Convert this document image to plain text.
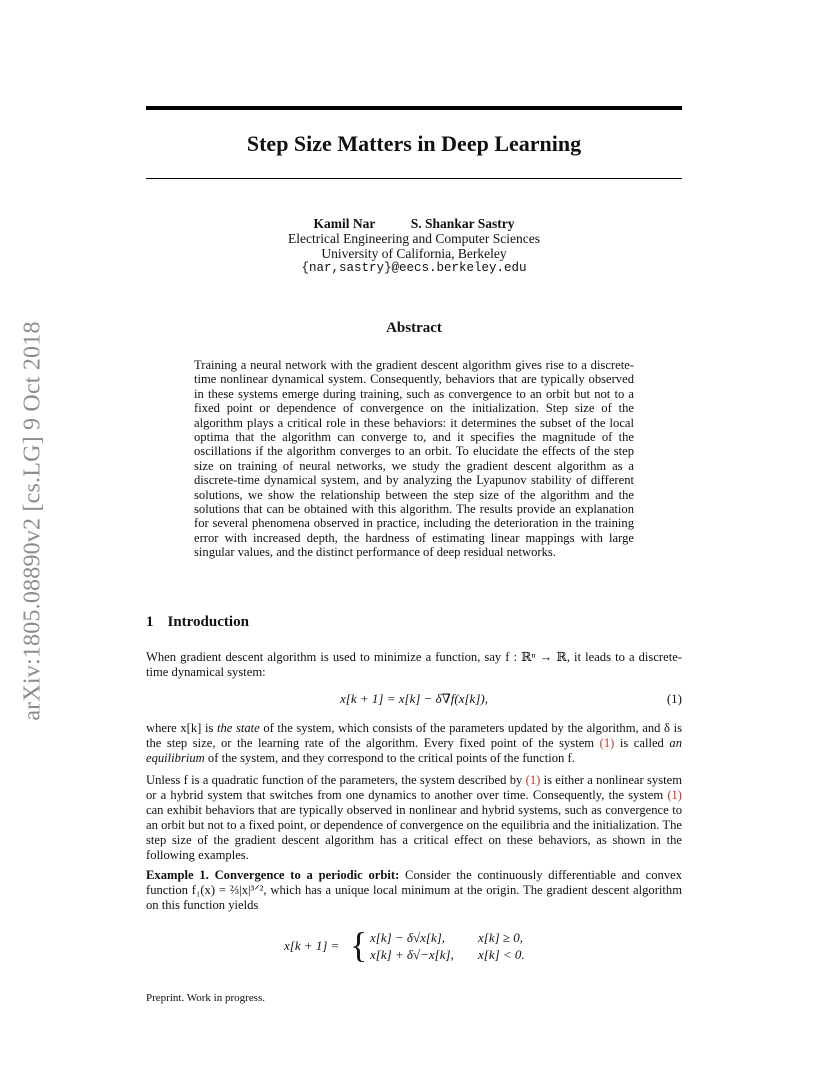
arXiv:1805.08890v2 [cs.LG] 9 Oct 2018
Step Size Matters in Deep Learning
Kamil Nar	S. Shankar Sastry
Electrical Engineering and Computer Sciences
University of California, Berkeley
{nar,sastry}@eecs.berkeley.edu
Abstract
Training a neural network with the gradient descent algorithm gives rise to a discrete-time nonlinear dynamical system. Consequently, behaviors that are typically observed in these systems emerge during training, such as convergence to an orbit but not to a fixed point or dependence of convergence on the initialization. Step size of the algorithm plays a critical role in these behaviors: it determines the subset of the local optima that the algorithm can converge to, and it specifies the magnitude of the oscillations if the algorithm converges to an orbit. To elucidate the effects of the step size on training of neural networks, we study the gradient descent algorithm as a discrete-time dynamical system, and by analyzing the Lyapunov stability of different solutions, we show the relationship between the step size of the algorithm and the solutions that can be obtained with this algorithm. The results provide an explanation for several phenomena observed in practice, including the deterioration in the training error with increased depth, the hardness of estimating linear mappings with large singular values, and the distinct performance of deep residual networks.
1 Introduction
When gradient descent algorithm is used to minimize a function, say f : ℝⁿ → ℝ, it leads to a discrete-time dynamical system:
x[k + 1] = x[k] − δ∇f(x[k]),	(1)
where x[k] is the state of the system, which consists of the parameters updated by the algorithm, and δ is the step size, or the learning rate of the algorithm. Every fixed point of the system (1) is called an equilibrium of the system, and they correspond to the critical points of the function f.
Unless f is a quadratic function of the parameters, the system described by (1) is either a nonlinear system or a hybrid system that switches from one dynamics to another over time. Consequently, the system (1) can exhibit behaviors that are typically observed in nonlinear and hybrid systems, such as convergence to an orbit but not to a fixed point, or dependence of convergence on the equilibria and the initialization. The step size of the gradient descent algorithm has a critical effect on these behaviors, as shown in the following examples.
Example 1. Convergence to a periodic orbit: Consider the continuously differentiable and convex function f₁(x) = ⅔|x|³ᐟ², which has a unique local minimum at the origin. The gradient descent algorithm on this function yields
x[k + 1] = { x[k] − δ√x[k],	x[k] ≥ 0,
x[k] + δ√−x[k], x[k] < 0.
Preprint. Work in progress.
